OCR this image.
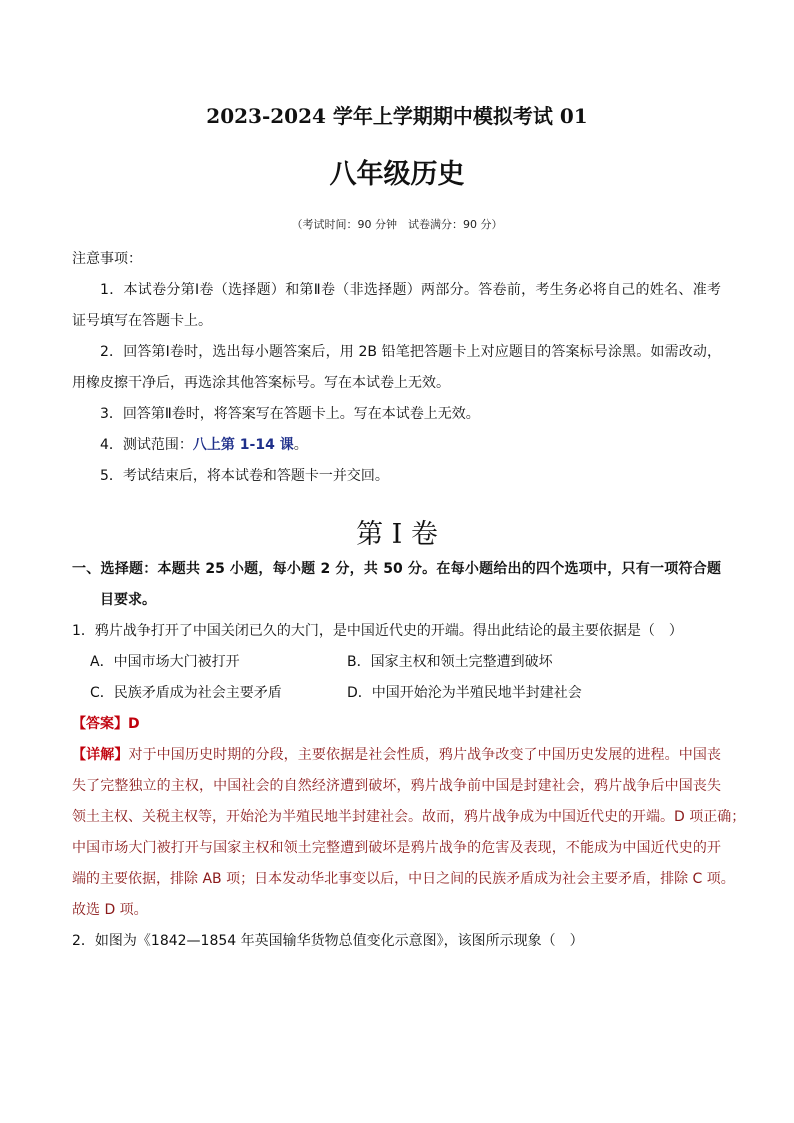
2023-2024 学年上学期期中模拟考试 01
八年级历史
（考试时间：90 分钟　试卷满分：90 分）
注意事项：
1．本试卷分第Ⅰ卷（选择题）和第Ⅱ卷（非选择题）两部分。答卷前，考生务必将自己的姓名、准考
证号填写在答题卡上。
2．回答第Ⅰ卷时，选出每小题答案后，用 2B 铅笔把答题卡上对应题目的答案标号涂黑。如需改动，
用橡皮擦干净后，再选涂其他答案标号。写在本试卷上无效。
3．回答第Ⅱ卷时，将答案写在答题卡上。写在本试卷上无效。
4．测试范围：八上第 1-14 课。
5．考试结束后，将本试卷和答题卡一并交回。
第 I 卷
一、选择题：本题共 25 小题，每小题 2 分，共 50 分。在每小题给出的四个选项中，只有一项符合题
目要求。
1．鸦片战争打开了中国关闭已久的大门，是中国近代史的开端。得出此结论的最主要依据是（　）
A．中国市场大门被打开	B．国家主权和领土完整遭到破坏
C．民族矛盾成为社会主要矛盾	D．中国开始沦为半殖民地半封建社会
【答案】D
【详解】对于中国历史时期的分段，主要依据是社会性质，鸦片战争改变了中国历史发展的进程。中国丧
失了完整独立的主权，中国社会的自然经济遭到破坏，鸦片战争前中国是封建社会，鸦片战争后中国丧失
领土主权、关税主权等，开始沦为半殖民地半封建社会。故而，鸦片战争成为中国近代史的开端。D 项正确；
中国市场大门被打开与国家主权和领土完整遭到破坏是鸦片战争的危害及表现，不能成为中国近代史的开
端的主要依据，排除 AB 项；日本发动华北事变以后，中日之间的民族矛盾成为社会主要矛盾，排除 C 项。
故选 D 项。
2．如图为《1842—1854 年英国输华货物总值变化示意图》，该图所示现象（　）
